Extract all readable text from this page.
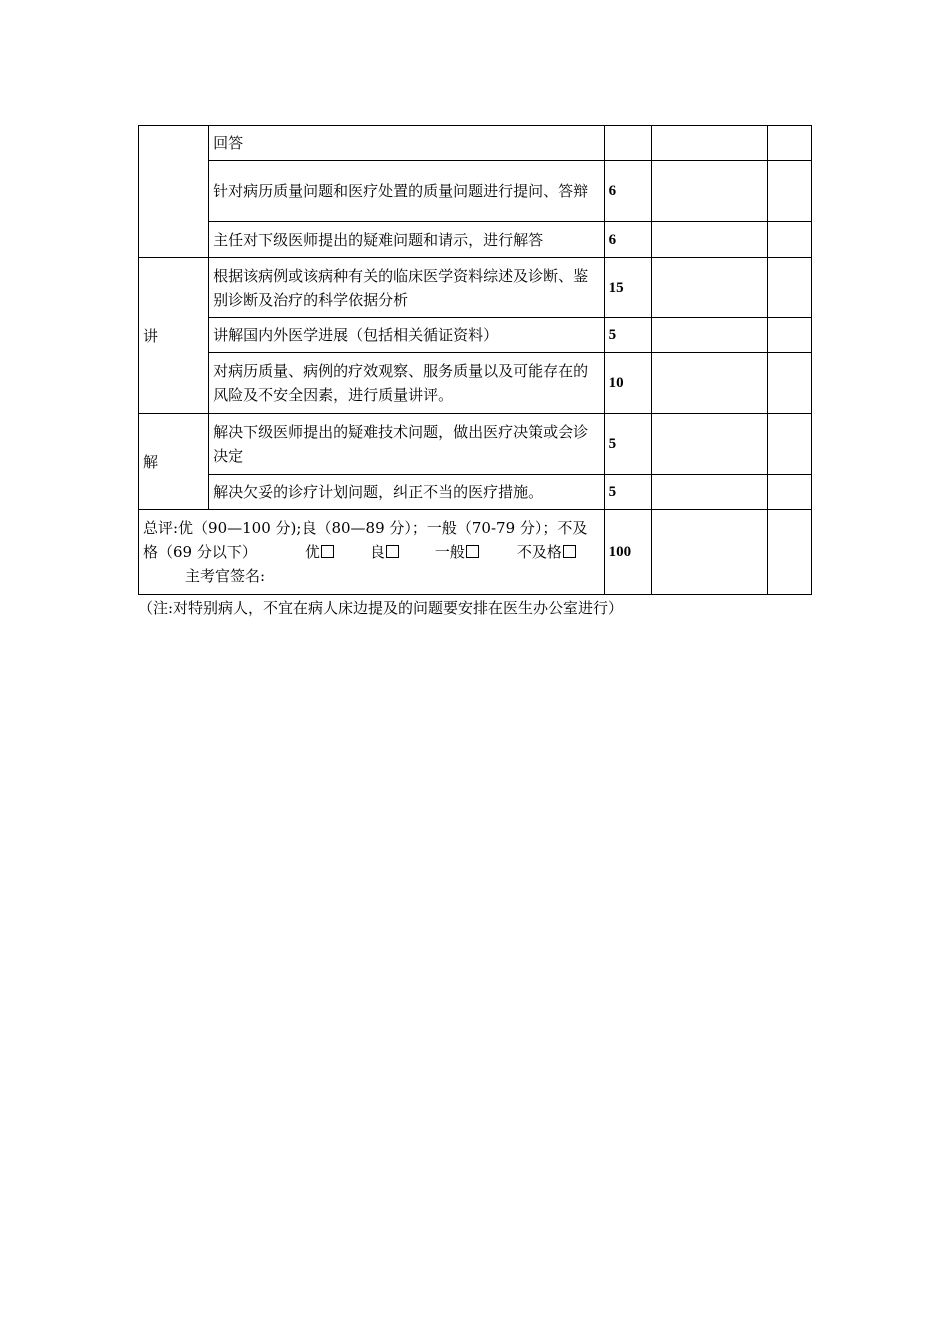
	回答			
	针对病历质量问题和医疗处置的质量问题进行提问、答辩	6		
	主任对下级医师提出的疑难问题和请示，进行解答	6		
讲	根据该病例或该病种有关的临床医学资料综述及诊断、鉴别诊断及治疗的科学依据分析	15		
	讲解国内外医学进展（包括相关循证资料）	5		
	对病历质量、病例的疗效观察、服务质量以及可能存在的风险及不安全因素，进行质量讲评。	10		
解	解决下级医师提出的疑难技术问题，做出医疗决策或会诊决定	5		
	解决欠妥的诊疗计划问题，纠正不当的医疗措施。	5		
总评:优（90—100 分);良（80—89 分）；一般（70-79 分）；不及格（69 分以下） 优 良 一般 不及格主考官签名:		100		
（注:对特别病人，不宜在病人床边提及的问题要安排在医生办公室进行）
